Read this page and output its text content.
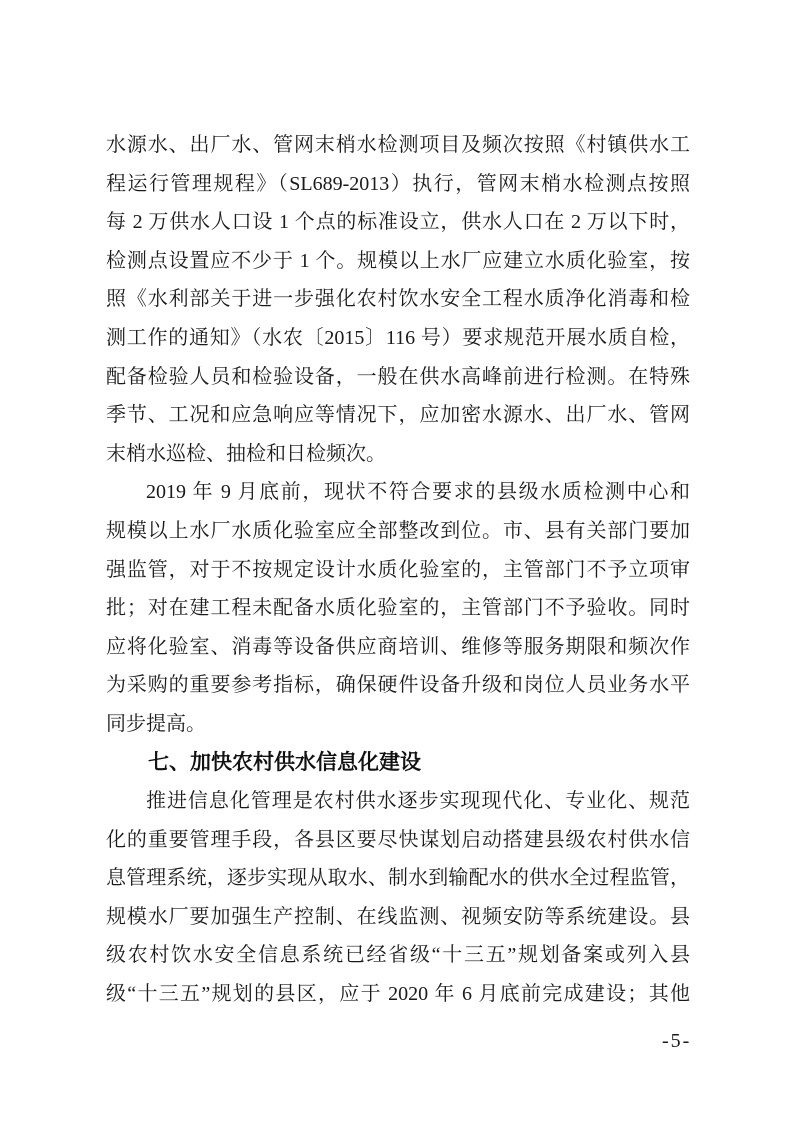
水源水、出厂水、管网末梢水检测项目及频次按照《村镇供水工
程运行管理规程》（SL689-2013）执行，管网末梢水检测点按照
每 2 万供水人口设 1 个点的标准设立，供水人口在 2 万以下时，
检测点设置应不少于 1 个。规模以上水厂应建立水质化验室，按
照《水利部关于进一步强化农村饮水安全工程水质净化消毒和检
测工作的通知》（水农〔2015〕116 号）要求规范开展水质自检，
配备检验人员和检验设备，一般在供水高峰前进行检测。在特殊
季节、工况和应急响应等情况下，应加密水源水、出厂水、管网
末梢水巡检、抽检和日检频次。
2019 年 9 月底前，现状不符合要求的县级水质检测中心和
规模以上水厂水质化验室应全部整改到位。市、县有关部门要加
强监管，对于不按规定设计水质化验室的，主管部门不予立项审
批；对在建工程未配备水质化验室的，主管部门不予验收。同时
应将化验室、消毒等设备供应商培训、维修等服务期限和频次作
为采购的重要参考指标，确保硬件设备升级和岗位人员业务水平
同步提高。
七、加快农村供水信息化建设
推进信息化管理是农村供水逐步实现现代化、专业化、规范
化的重要管理手段，各县区要尽快谋划启动搭建县级农村供水信
息管理系统，逐步实现从取水、制水到输配水的供水全过程监管，
规模水厂要加强生产控制、在线监测、视频安防等系统建设。县
级农村饮水安全信息系统已经省级“十三五”规划备案或列入县
级“十三五”规划的县区，应于 2020 年 6 月底前完成建设；其他
-5-
